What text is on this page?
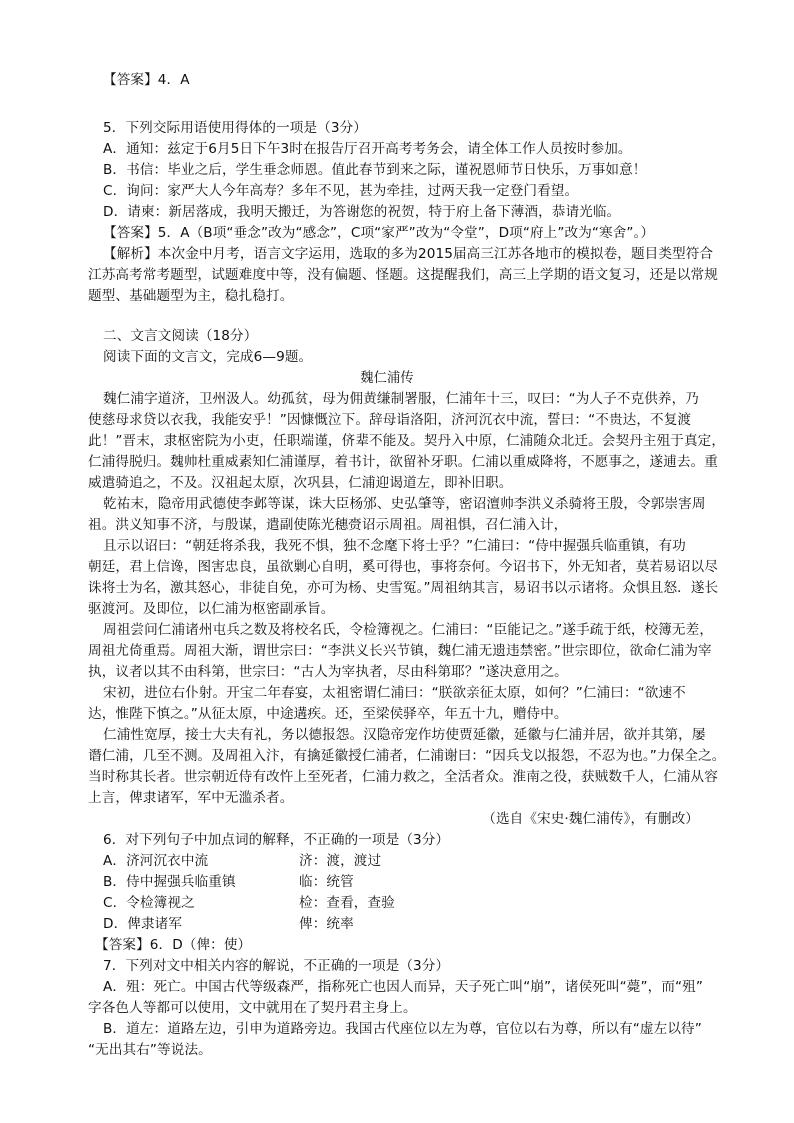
【答案】4．A
5．下列交际用语使用得体的一项是（3分）
A．通知：兹定于6月5日下午3时在报告厅召开高考考务会，请全体工作人员按时参加。
B．书信：毕业之后，学生垂念师恩。值此春节到来之际，谨祝恩师节日快乐，万事如意！
C．询问：家严大人今年高寿？多年不见，甚为牵挂，过两天我一定登门看望。
D．请柬：新居落成，我明天搬迁，为答谢您的祝贺，特于府上备下薄酒，恭请光临。
【答案】5．A（B项“垂念”改为“感念”，C项“家严”改为“令堂”，D项“府上”改为“寒舍”。）
【解析】本次金中月考，语言文字运用，选取的多为2015届高三江苏各地市的模拟卷，题目类型符合
江苏高考常考题型，试题难度中等，没有偏题、怪题。这提醒我们，高三上学期的语文复习，还是以常规
题型、基础题型为主，稳扎稳打。
二、文言文阅读（18分）
阅读下面的文言文，完成6—9题。
魏仁浦传
魏仁浦字道济，卫州汲人。幼孤贫，母为佣黄缣制署服，仁浦年十三，叹曰：“为人子不克供养，乃
使慈母求贷以衣我，我能安乎！”因慷慨泣下。辞母诣洛阳，济河沉衣中流，誓曰：“不贵达，不复渡
此！”晋末，隶枢密院为小吏，任职端谨，侪辈不能及。契丹入中原，仁浦随众北迁。会契丹主殂于真定，
仁浦得脱归。魏帅杜重威素知仁浦谨厚，着书计，欲留补牙职。仁浦以重威降将，不愿事之，遂逋去。重
威遣骑追之，不及。汉祖起太原，次巩县，仁浦迎谒道左，即补旧职。
乾祐末，隐帝用武德使李邺等谋，诛大臣杨邠、史弘肇等，密诏澶帅李洪义杀骑将王殷，令郭崇害周
祖。洪义知事不济，与殷谋，遣副使陈光穗赍诏示周祖。周祖惧，召仁浦入计，
且示以诏曰：“朝廷将杀我，我死不惧，独不念麾下将士乎？”仁浦曰：“侍中握强兵临重镇，有功
朝廷，君上信谗，图害忠良，虽欲剿心自明，奚可得也，事将奈何。今诏书下，外无知者，莫若易诏以尽
诛将士为名，激其怒心，非徒自免，亦可为杨、史雪冤。”周祖纳其言，易诏书以示诸将。众惧且怒．遂长
驱渡河。及即位，以仁浦为枢密副承旨。
周祖尝问仁浦诸州屯兵之数及将校名氏，令检簿视之。仁浦曰：“臣能记之。”遂手疏于纸，校簿无差，
周祖尤倚重焉。周祖大渐，谓世宗曰：“李洪义长兴节镇，魏仁浦无遗违禁密。”世宗即位，欲命仁浦为宰
执，议者以其不由科第，世宗曰：“古人为宰执者，尽由科第耶？”遂决意用之。
宋初，进位右仆射。开宝二年春宴，太祖密谓仁浦曰：“朕欲亲征太原，如何？”仁浦曰：“欲速不
达，惟陛下慎之。”从征太原，中途遘疾。还，至梁侯驿卒，年五十九，赠侍中。
仁浦性宽厚，接士大夫有礼，务以德报怨。汉隐帝宠作坊使贾延徽，延徽与仁浦并居，欲并其第，屡
谮仁浦，几至不测。及周祖入汴，有擒延徽授仁浦者，仁浦谢曰：“因兵戈以报怨，不忍为也。”力保全之。
当时称其长者。世宗朝近侍有改忤上至死者，仁浦力救之，全活者众。淮南之役，获贼数千人，仁浦从容
上言，俾隶诸军，军中无滥杀者。
（选自《宋史·魏仁浦传》，有删改）
6．对下列句子中加点词的解释，不正确的一项是（3分）
A．济河沉衣中流	济：渡，渡过
B．侍中握强兵临重镇	临：统管
C．令检簿视之	检：查看，查验
D．俾隶诸军	俾：统率
【答案】6．D（俾：使）
7．下列对文中相关内容的解说，不正确的一项是（3分）
A．殂：死亡。中国古代等级森严，指称死亡也因人而异，天子死亡叫“崩”，诸侯死叫“薨”，而“殂”
字各色人等都可以使用，文中就用在了契丹君主身上。
B．道左：道路左边，引申为道路旁边。我国古代座位以左为尊，官位以右为尊，所以有“虚左以待”
“无出其右”等说法。
